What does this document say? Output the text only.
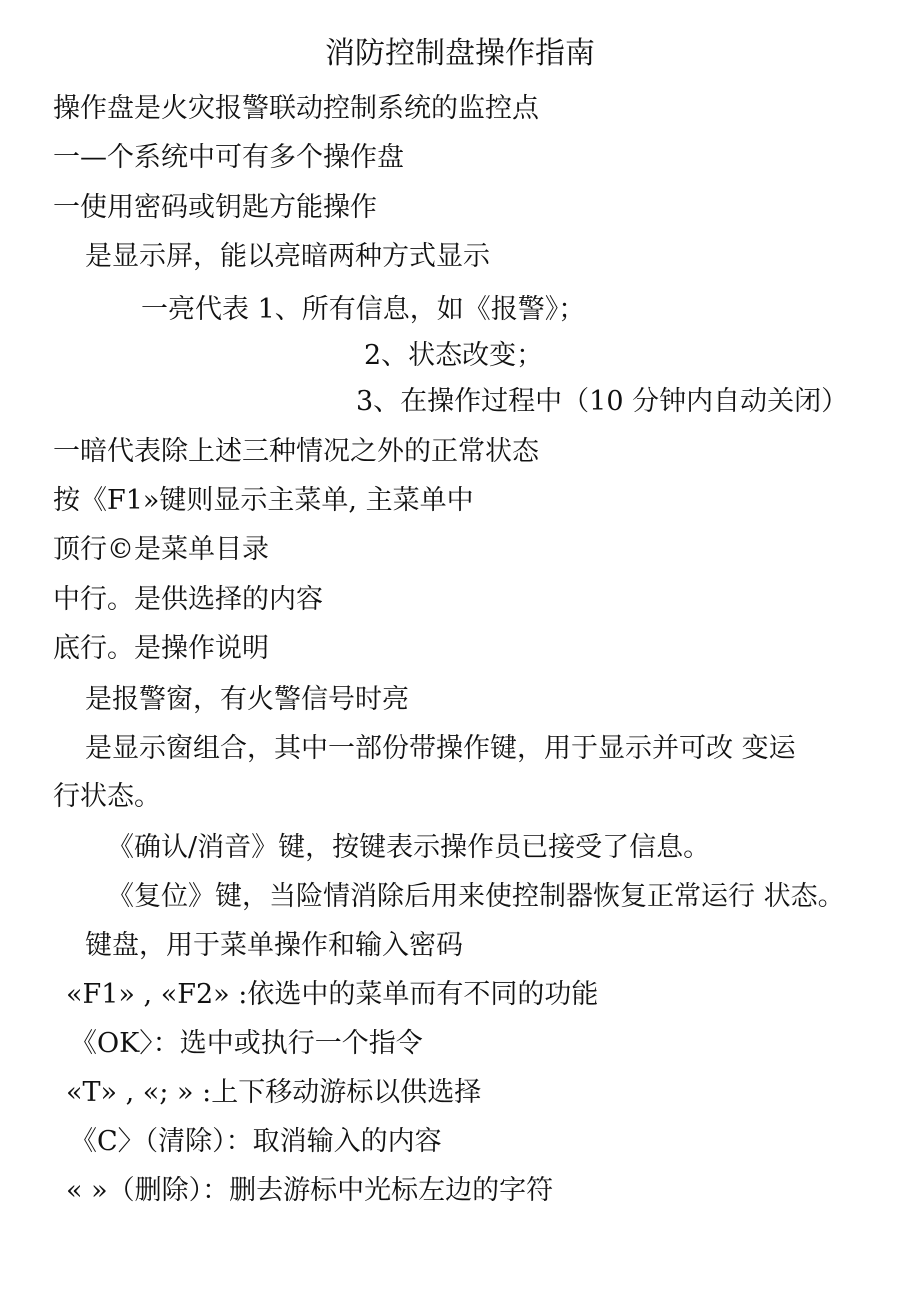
消防控制盘操作指南
操作盘是火灾报警联动控制系统的监控点
一—个系统中可有多个操作盘
一使用密码或钥匙方能操作
是显示屏，能以亮暗两种方式显示
一亮代表 1、所有信息，如《报警》；
2、状态改变；
3、在操作过程中（10 分钟内自动关闭）
一暗代表除上述三种情况之外的正常状态
按《F1»键则显示主菜单, 主菜单中
顶行©是菜单目录
中行。是供选择的内容
底行。是操作说明
是报警窗，有火警信号时亮
是显示窗组合，其中一部份带操作键，用于显示并可改 变运
行状态。
《确认/消音》键，按键表示操作员已接受了信息。
《复位》键，当险情消除后用来使控制器恢复正常运行 状态。
键盘，用于菜单操作和输入密码
«F1» , «F2» :依选中的菜单而有不同的功能
《OK〉：选中或执行一个指令
«T» , «; » :上下移动游标以供选择
《C〉（清除）：取消输入的内容
« »（删除）：删去游标中光标左边的字符
